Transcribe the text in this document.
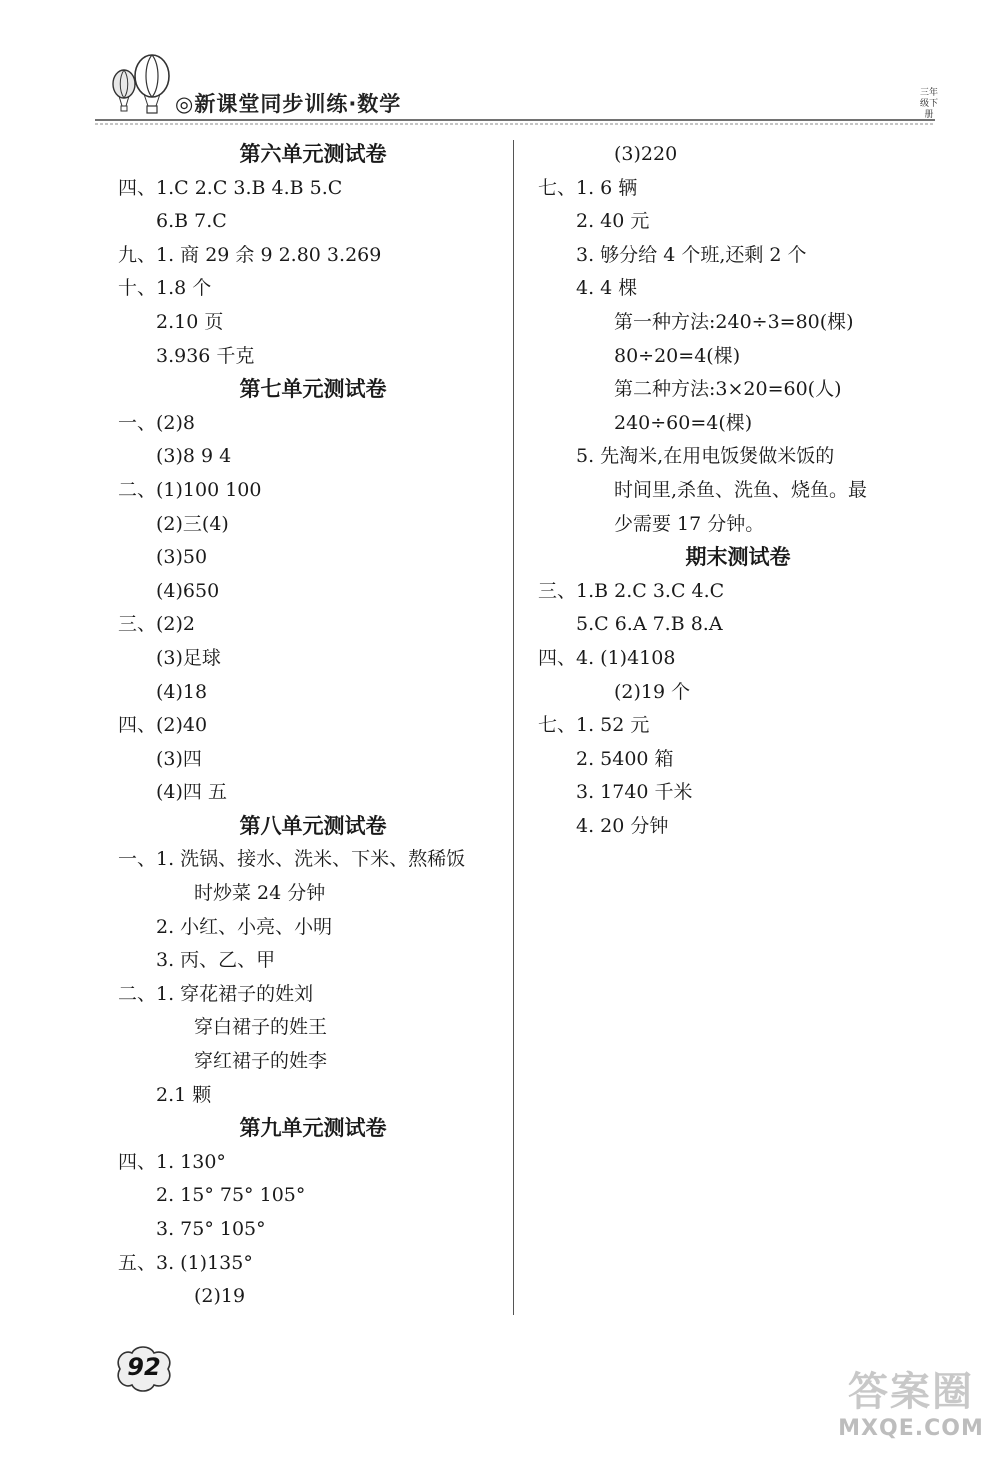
◎新课堂同步训练·数学	三年级下册
第六单元测试卷
四、1.C 2.C 3.B 4.B 5.C
6.B 7.C
九、1. 商 29 余 9 2.80 3.269
十、1.8 个
2.10 页
3.936 千克
第七单元测试卷
一、(2)8
(3)8 9 4
二、(1)100 100
(2)三(4)
(3)50
(4)650
三、(2)2
(3)足球
(4)18
四、(2)40
(3)四
(4)四 五
第八单元测试卷
一、1. 洗锅、接水、洗米、下米、熬稀饭
时炒菜 24 分钟
2. 小红、小亮、小明
3. 丙、乙、甲
二、1. 穿花裙子的姓刘
穿白裙子的姓王
穿红裙子的姓李
2.1 颗
第九单元测试卷
四、1. 130°
2. 15° 75° 105°
3. 75° 105°
五、3. (1)135°
(2)19
(3)220
七、1. 6 辆
2. 40 元
3. 够分给 4 个班,还剩 2 个
4. 4 棵
第一种方法:240÷3=80(棵)
80÷20=4(棵)
第二种方法:3×20=60(人)
240÷60=4(棵)
5. 先淘米,在用电饭煲做米饭的
时间里,杀鱼、洗鱼、烧鱼。最
少需要 17 分钟。
期末测试卷
三、1.B 2.C 3.C 4.C
5.C 6.A 7.B 8.A
四、4. (1)4108
(2)19 个
七、1. 52 元
2. 5400 箱
3. 1740 千米
4. 20 分钟
92
答案圈
MXQE.COM
